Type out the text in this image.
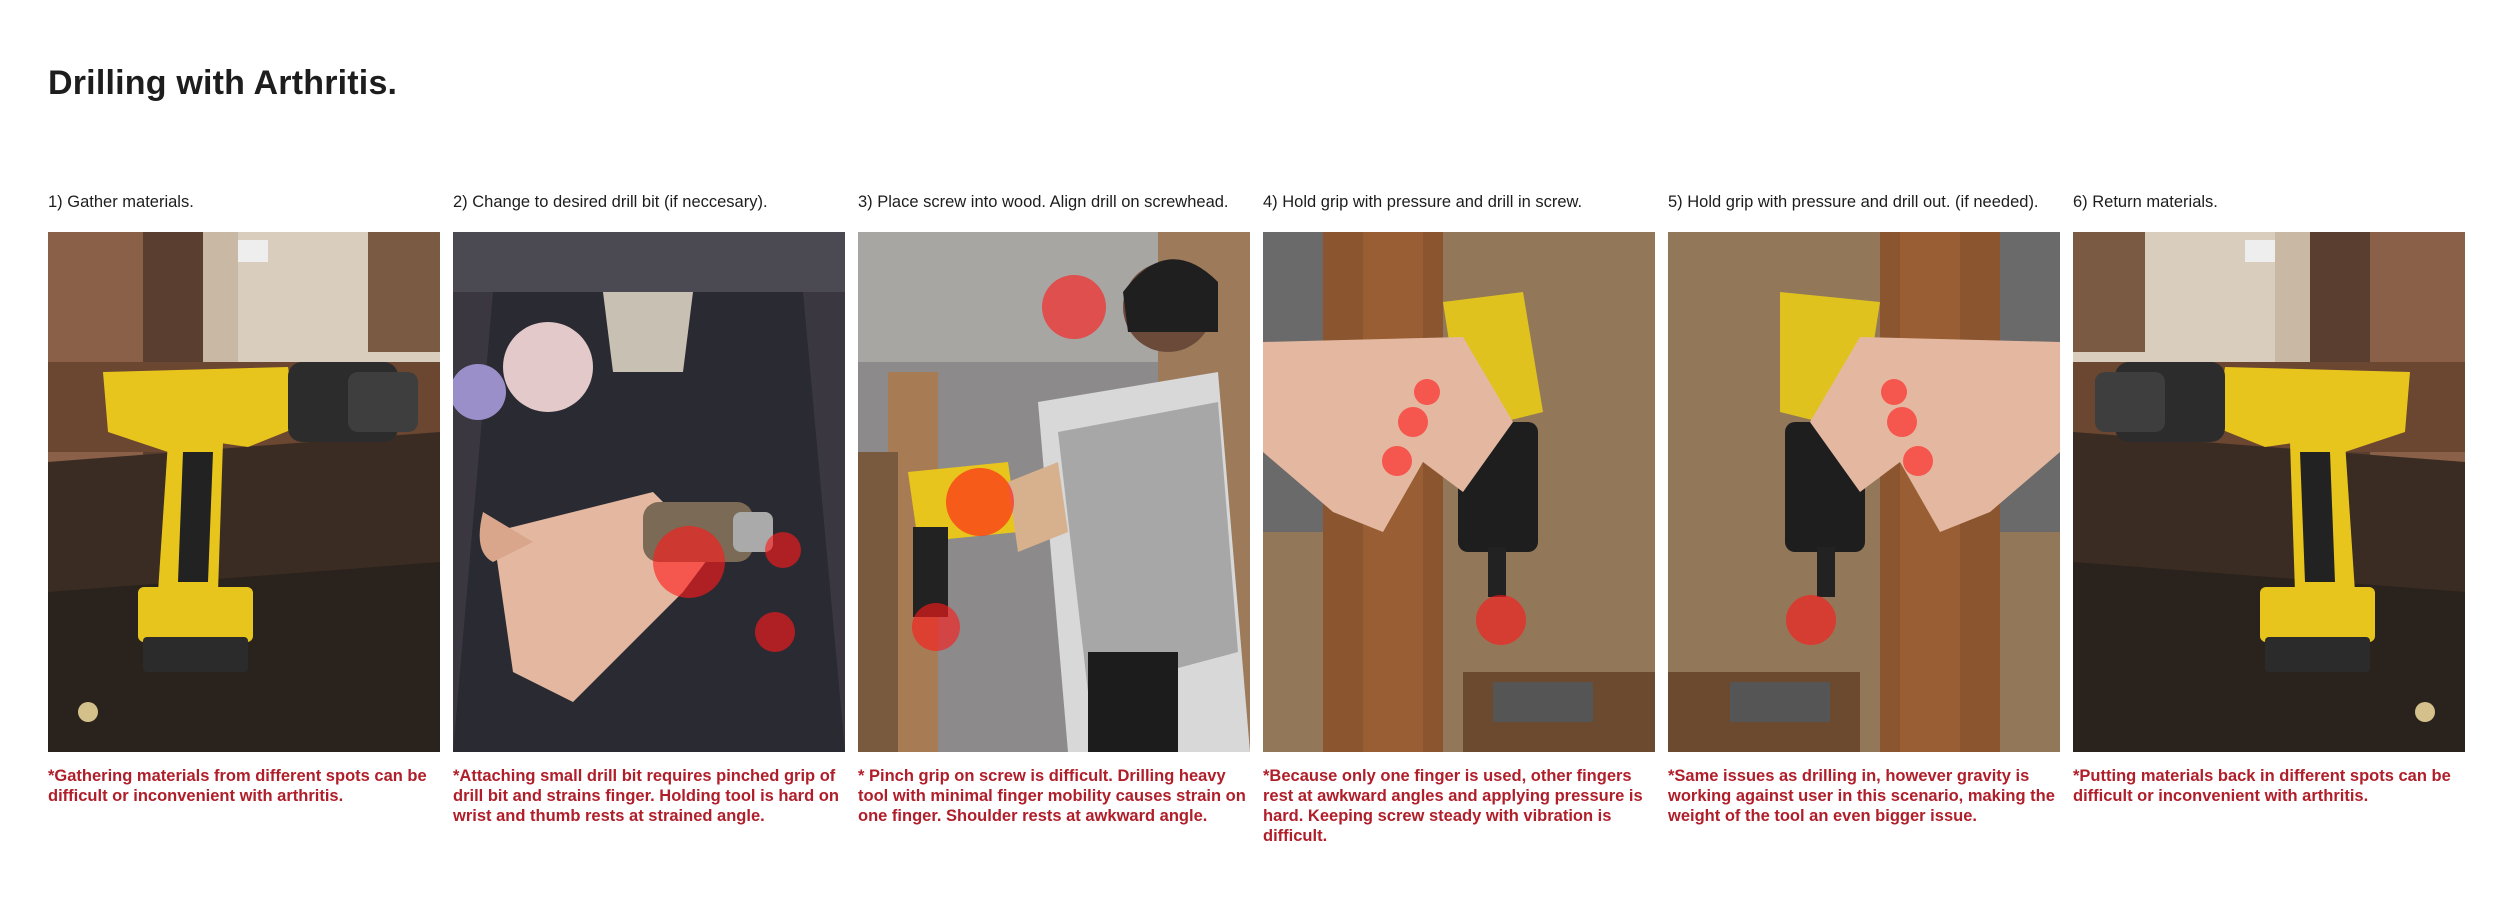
Drilling with Arthritis.
1) Gather materials.
*Gathering materials from different spots can be difficult or inconvenient with arthritis.
2) Change to desired drill bit (if neccesary).
*Attaching small drill bit requires pinched grip of drill bit and strains finger. Holding tool is hard on wrist and thumb rests at strained angle.
3) Place screw into wood. Align drill on screwhead.
* Pinch grip on screw is difficult. Drilling heavy tool with minimal finger mobility causes strain on one finger. Shoulder rests at awkward angle.
4) Hold grip with pressure and drill in screw.
*Because only one finger is used, other fingers rest at awkward angles and applying pressure is hard. Keeping screw steady with vibration is difficult.
5) Hold grip with pressure and drill out. (if needed).
*Same issues as drilling in, however gravity is working against user in this scenario, making the weight of the tool an even bigger issue.
6) Return materials.
*Putting materials back in different spots can be difficult or inconvenient with arthritis.
